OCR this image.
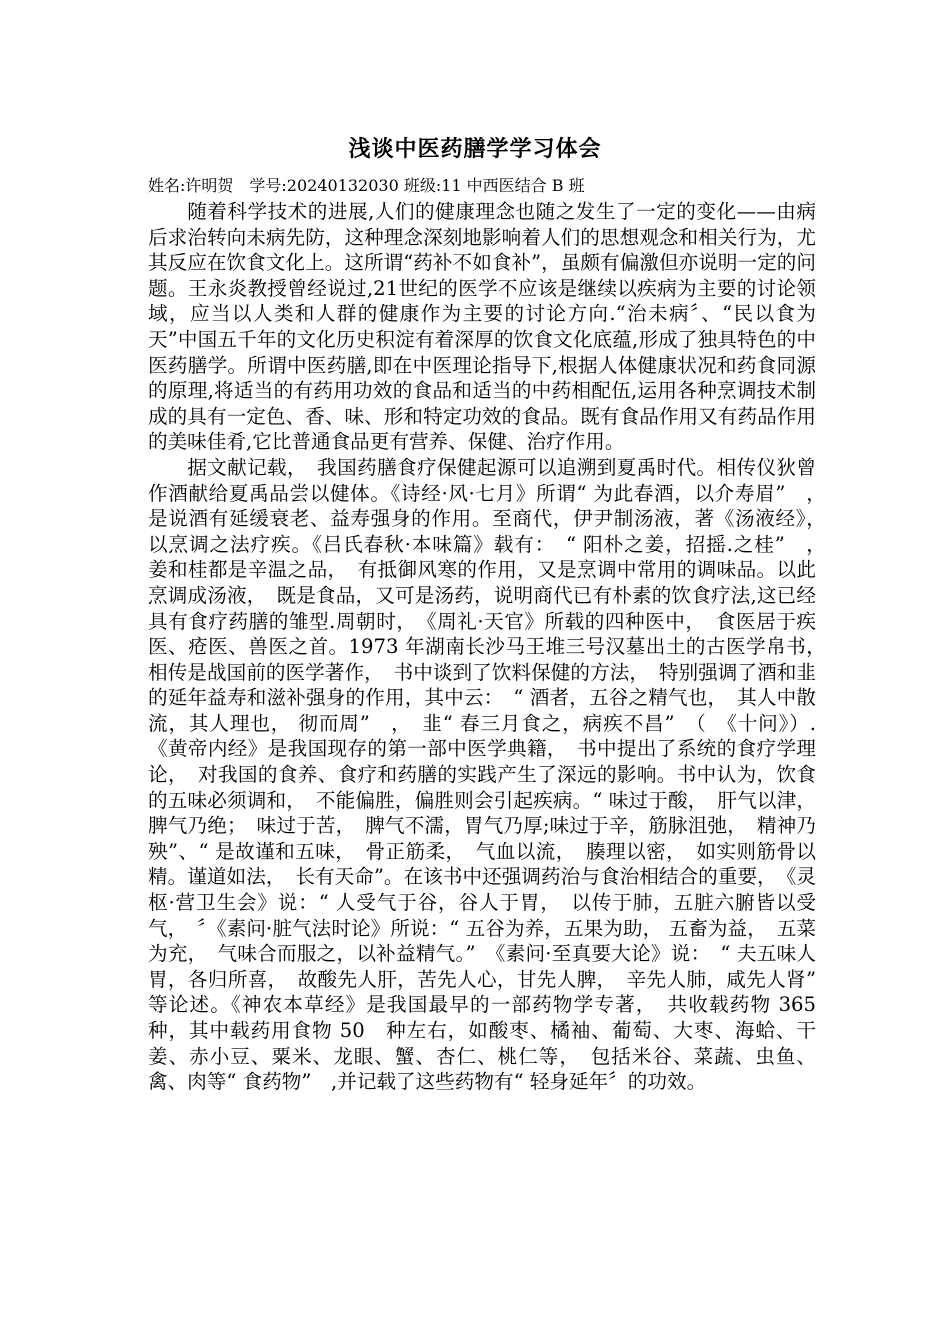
浅谈中医药膳学学习体会
姓名:许明贺　学号:20240132030 班级:11 中西医结合 B 班

随着科学技术的进展,人们的健康理念也随之发生了一定的变化——由病后求治转向未病先防，这种理念深刻地影响着人们的思想观念和相关行为，尤其反应在饮食文化上。这所谓“药补不如食补”，虽颇有偏激但亦说明一定的问题。王永炎教授曾经说过,21世纪的医学不应该是继续以疾病为主要的讨论领域，应当以人类和人群的健康作为主要的讨论方向.“治未病〞、“民以食为天”中国五千年的文化历史积淀有着深厚的饮食文化底蕴,形成了独具特色的中医药膳学。所谓中医药膳,即在中医理论指导下,根据人体健康状况和药食同源的原理,将适当的有药用功效的食品和适当的中药相配伍,运用各种烹调技术制成的具有一定色、香、味、形和特定功效的食品。既有食品作用又有药品作用的美味佳肴,它比普通食品更有营养、保健、治疗作用。

据文献记载，　我国药膳食疗保健起源可以追溯到夏禹时代。相传仪狄曾作酒献给夏禹品尝以健体。《诗经·风·七月》所谓“ 为此春酒，以介寿眉”　，　是说酒有延缓衰老、益寿强身的作用。至商代，伊尹制汤液，著《汤液经》，　以烹调之法疗疾。《吕氏春秋·本味篇》载有：　“ 阳朴之姜，招摇.之桂”　，　姜和桂都是辛温之品，　有抵御风寒的作用，又是烹调中常用的调味品。以此烹调成汤液，　既是食品，又可是汤药，说明商代已有朴素的饮食疗法,这已经具有食疗药膳的雏型.周朝时，　《周礼·天官》所载的四种医中，　食医居于疾医、疮医、兽医之首。1973 年湖南长沙马王堆三号汉墓出土的古医学帛书，　相传是战国前的医学著作，　书中谈到了饮料保健的方法，　特别强调了酒和韭的延年益寿和滋补强身的作用，其中云：　“ 酒者，五谷之精气也，　其人中散流，其人理也， 彻而周”　，　韭“ 春三月食之，病疾不昌”　（　《十问》）.《黄帝内经》是我国现存的第一部中医学典籍，　书中提出了系统的食疗学理论，　对我国的食养、食疗和药膳的实践产生了深远的影响。书中认为，饮食的五味必须调和，　不能偏胜，偏胜则会引起疾病。“ 味过于酸，　肝气以津，脾气乃绝；　味过于苦，　脾气不濡，胃气乃厚;味过于辛，筋脉沮弛，　精神乃殃”、“ 是故谨和五味，　骨正筋柔，　气血以流，　腠理以密，　如实则筋骨以精。谨道如法，　长有天命”。在该书中还强调药治与食治相结合的重要，　《灵枢·营卫生会》说：“ 人受气于谷，谷人于胃，　以传于肺，五脏六腑皆以受气，　〞《素问·脏气法时论》所说：“ 五谷为养，五果为助， 五畜为益，　五菜为充，　气味合而服之，以补益精气。”　《素问·至真要大论》说：　“ 夫五味人胃，各归所喜，　故酸先人肝，苦先人心，甘先人脾，　辛先人肺，咸先人肾”　等论述。《神农本草经》是我国最早的一部药物学专著，　共收载药物 365　种，其中载药用食物 50　种左右，如酸枣、橘袖、葡萄、大枣、海蛤、干姜、赤小豆、粟米、龙眼、蟹、杏仁、桃仁等，　包括米谷、菜蔬、虫鱼、禽、肉等“ 食药物”　,并记载了这些药物有“ 轻身延年〞的功效。
